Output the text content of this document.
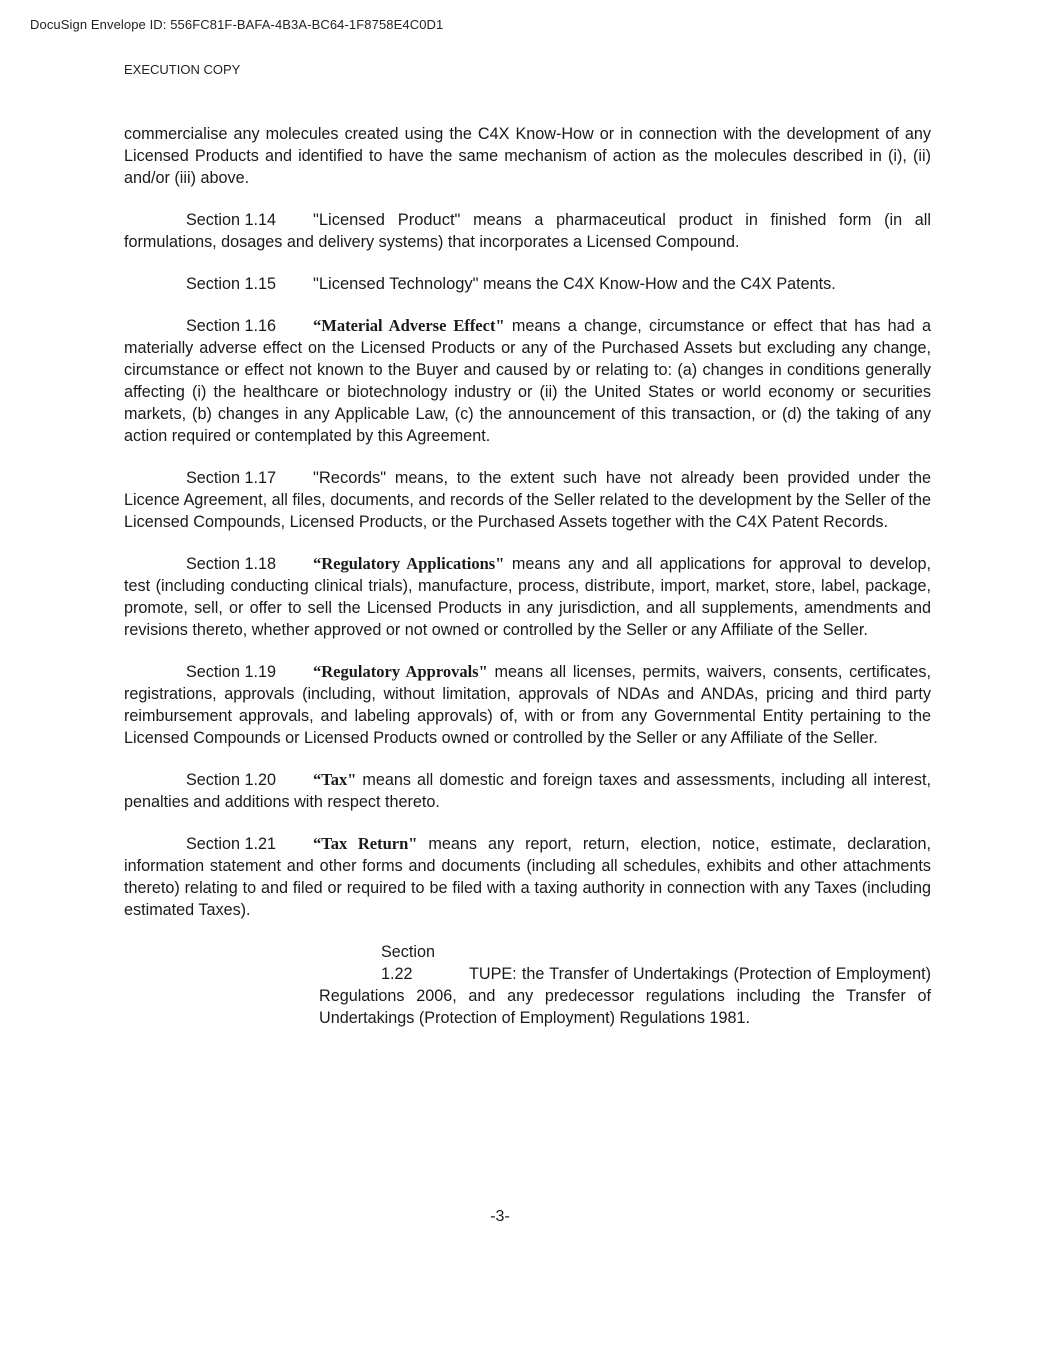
DocuSign Envelope ID: 556FC81F-BAFA-4B3A-BC64-1F8758E4C0D1
EXECUTION COPY

commercialise any molecules created using the C4X Know-How or in connection with the development of any Licensed Products and identified to have the same mechanism of action as the molecules described in (i), (ii) and/or (iii) above.

Section 1.14 "Licensed Product" means a pharmaceutical product in finished form (in all formulations, dosages and delivery systems) that incorporates a Licensed Compound.

Section 1.15 "Licensed Technology" means the C4X Know-How and the C4X Patents.

Section 1.16 “Material Adverse Effect" means a change, circumstance or effect that has had a materially adverse effect on the Licensed Products or any of the Purchased Assets but excluding any change, circumstance or effect not known to the Buyer and caused by or relating to: (a) changes in conditions generally affecting (i) the healthcare or biotechnology industry or (ii) the United States or world economy or securities markets, (b) changes in any Applicable Law, (c) the announcement of this transaction, or (d) the taking of any action required or contemplated by this Agreement.

Section 1.17 "Records" means, to the extent such have not already been provided under the Licence Agreement, all files, documents, and records of the Seller related to the development by the Seller of the Licensed Compounds, Licensed Products, or the Purchased Assets together with the C4X Patent Records.

Section 1.18 “Regulatory Applications" means any and all applications for approval to develop, test (including conducting clinical trials), manufacture, process, distribute, import, market, store, label, package, promote, sell, or offer to sell the Licensed Products in any jurisdiction, and all supplements, amendments and revisions thereto, whether approved or not owned or controlled by the Seller or any Affiliate of the Seller.

Section 1.19 “Regulatory Approvals" means all licenses, permits, waivers, consents, certificates, registrations, approvals (including, without limitation, approvals of NDAs and ANDAs, pricing and third party reimbursement approvals, and labeling approvals) of, with or from any Governmental Entity pertaining to the Licensed Compounds or Licensed Products owned or controlled by the Seller or any Affiliate of the Seller.

Section 1.20 “Tax" means all domestic and foreign taxes and assessments, including all interest, penalties and additions with respect thereto.

Section 1.21 “Tax Return" means any report, return, election, notice, estimate, declaration, information statement and other forms and documents (including all schedules, exhibits and other attachments thereto) relating to and filed or required to be filed with a taxing authority in connection with any Taxes (including estimated Taxes).

Section 1.22	TUPE: the Transfer of Undertakings (Protection of Employment) Regulations 2006, and any predecessor regulations including the Transfer of Undertakings (Protection of Employment) Regulations 1981.

-3-
